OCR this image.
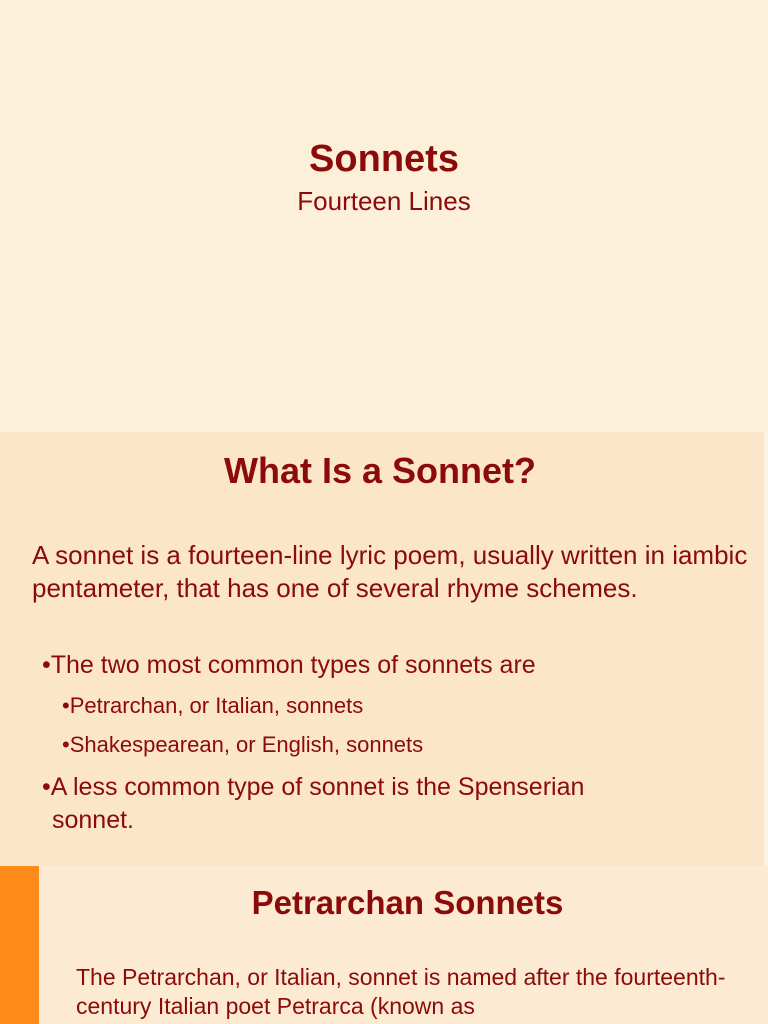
Sonnets
Fourteen Lines
What Is a Sonnet?

A sonnet is a fourteen-line lyric poem, usually written in iambic pentameter, that has one of several rhyme schemes.

•The two most common types of sonnets are

•Petrarchan, or Italian, sonnets

•Shakespearean, or English, sonnets

•A less common type of sonnet is the Spenserian sonnet.

Petrarchan Sonnets

The Petrarchan, or Italian, sonnet is named after the fourteenth-century Italian poet Petrarca (known as
